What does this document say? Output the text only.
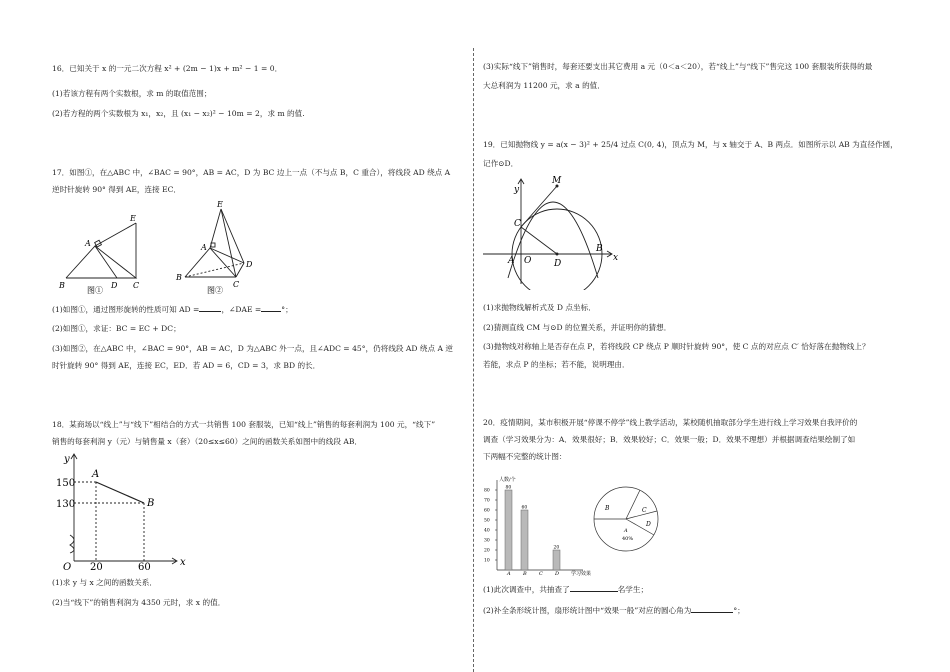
16．已知关于 x 的一元二次方程 x² + (2m − 1)x + m² − 1 = 0．
(1)若该方程有两个实数根，求 m 的取值范围；
(2)若方程的两个实数根为 x₁，x₂，且 (x₁ − x₂)² − 10m = 2，求 m 的值.
17．如图①，在△ABC 中，∠BAC = 90°，AB = AC，D 为 BC 边上一点（不与点 B，C 重合），将线段 AD 绕点 A
逆时针旋转 90° 得到 AE，连接 EC．
E
A
B	D C
图①
E
A
B
D
C
图②
(1)如图①，通过图形旋转的性质可知 AD =	，∠DAE =	°；
(2)如图①，求证：BC = EC + DC；
(3)如图②，在△ABC 中，∠BAC = 90°，AB = AC，D 为△ABC 外一点，且∠ADC = 45°，仍将线段 AD 绕点 A 逆
时针旋转 90° 得到 AE，连接 EC，ED．若 AD = 6，CD = 3，求 BD 的长．
18．某商场以“线上”与“线下”相结合的方式一共销售 100 套服装，已知“线上”销售的每套利润为 100 元，“线下”
销售的每套利润 y（元）与销售量 x（套）（20≤x≤60）之间的函数关系如图中的线段 AB．
y
x
O
150
130
20	60
A
B
(1)求 y 与 x 之间的函数关系．
(2)当“线下”的销售利润为 4350 元时，求 x 的值．
(3)实际“线下”销售时，每套还要支出其它费用 a 元（0＜a＜20），若“线上”与“线下”售完这 100 套服装所获得的最
大总利润为 11200 元，求 a 的值．
19．已知抛物线 y = a(x − 3)² + 25/4 过点 C(0, 4)，顶点为 M，与 x 轴交于 A、B 两点．如图所示以 AB 为直径作圆，
记作⊙D．
y
x
M
C
A O	D
B
(1)求抛物线解析式及 D 点坐标．
(2)猜测直线 CM 与⊙D 的位置关系，并证明你的猜想．
(3)抛物线对称轴上是否存在点 P，若将线段 CP 绕点 P 顺时针旋转 90°，使 C 点的对应点 C′ 恰好落在抛物线上？
若能，求点 P 的坐标；若不能，说明理由．
20．疫情期间，某市积极开展“停课不停学”线上教学活动，某校随机抽取部分学生进行线上学习效果自我评价的
调查（学习效果分为：A．效果很好；B．效果较好；C．效果一般；D．效果不理想）并根据调查结果绘制了如
下两幅不完整的统计图：
80
70
60
50
40
30
20
10
80
A
60
B C
20
D
人数/个
学习效果
B	C
D
A
40%
(1)此次调查中，共抽查了	名学生；
(2)补全条形统计图，扇形统计图中“效果一般”对应的圆心角为	°；
